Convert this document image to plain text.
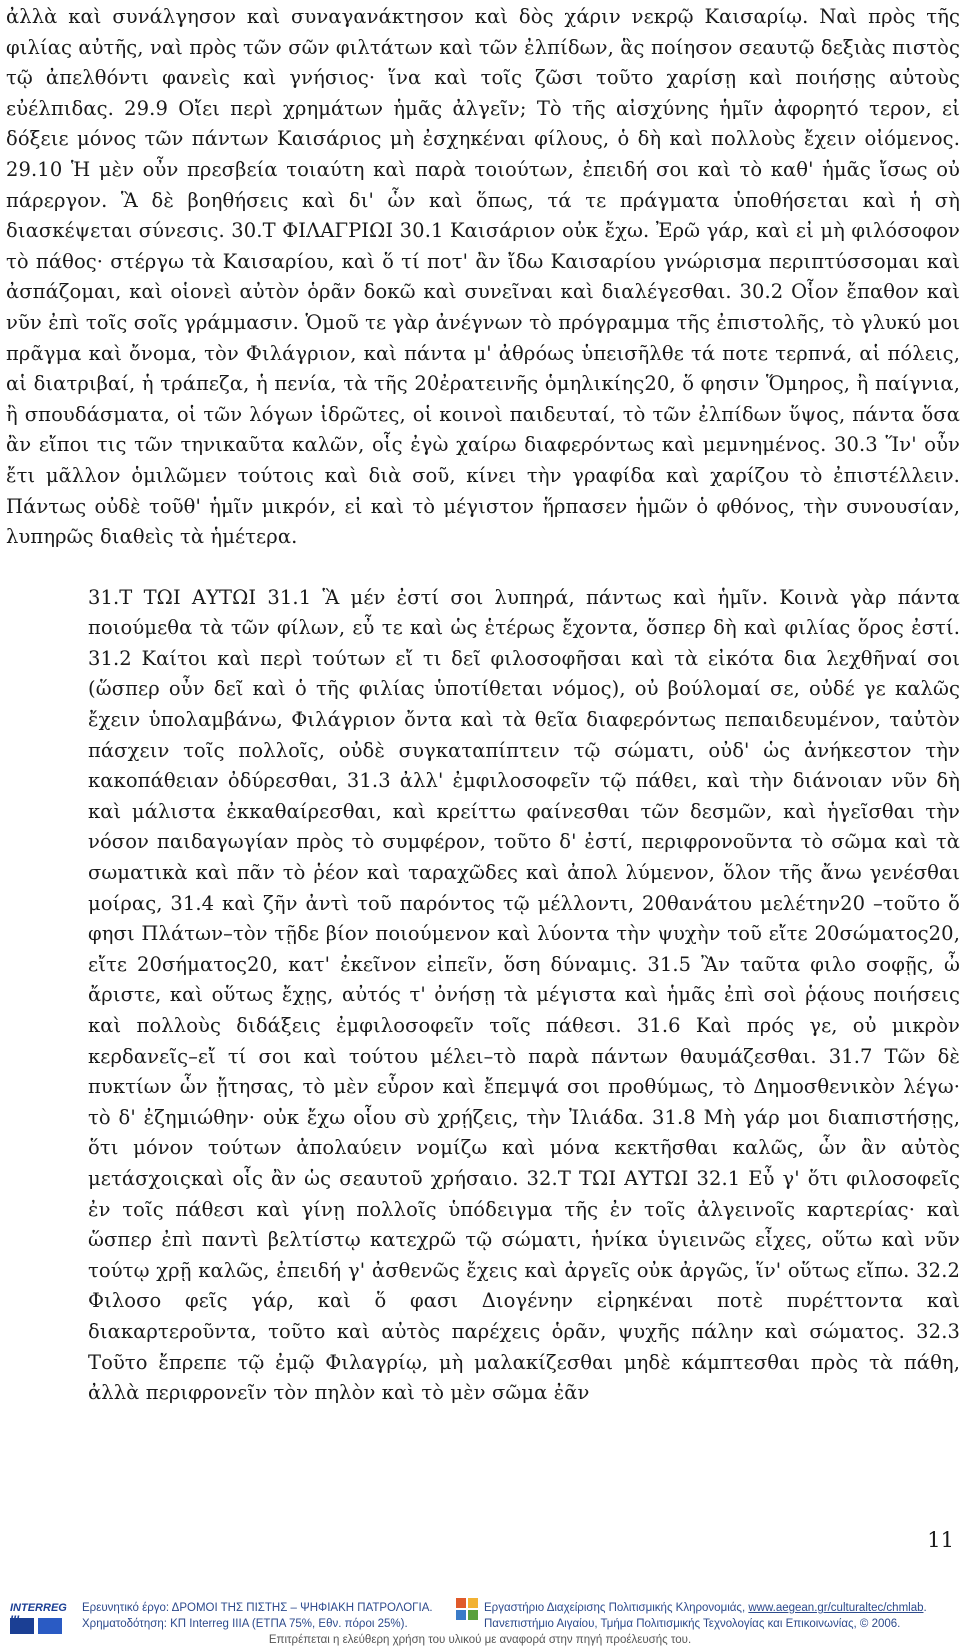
ἀλλὰ καὶ συνάλγησον καὶ συναγανάκτησον καὶ δὸς χάριν νεκρῷ Καισαρίῳ. Ναὶ πρὸς τῆς φιλίας αὐτῆς, ναὶ πρὸς τῶν σῶν φιλτάτων καὶ τῶν ἐλπίδων, ἃς ποίησον σεαυτῷ δεξιὰς πιστὸς τῷ ἀπελθόντι φανεὶς καὶ γνήσιος· ἵνα καὶ τοῖς ζῶσι τοῦτο χαρίσῃ καὶ ποιήσῃς αὐτοὺς εὐέλπιδας. 29.9 Οἴει περὶ χρημάτων ἡμᾶς ἀλγεῖν; Τὸ τῆς αἰσχύνης ἡμῖν ἀφορητό τερον, εἰ δόξειε μόνος τῶν πάντων Καισάριος μὴ ἐσχηκέναι φίλους, ὁ δὴ καὶ πολλοὺς ἔχειν οἰόμενος. 29.10 Ἡ μὲν οὖν πρεσβεία τοιαύτη καὶ παρὰ τοιούτων, ἐπειδή σοι καὶ τὸ καθ' ἡμᾶς ἴσως οὐ πάρεργον. Ἃ δὲ βοηθήσεις καὶ δι' ὧν καὶ ὅπως, τά τε πράγματα ὑποθήσεται καὶ ἡ σὴ διασκέψεται σύνεσις. 30.Τ ΦΙΛΑΓΡΙΩΙ 30.1 Καισάριον οὐκ ἔχω. Ἐρῶ γάρ, καὶ εἰ μὴ φιλόσοφον τὸ πάθος· στέργω τὰ Καισαρίου, καὶ ὅ τί ποτ' ἂν ἴδω Καισαρίου γνώρισμα περιπτύσσομαι καὶ ἀσπάζομαι, καὶ οἱονεὶ αὐτὸν ὁρᾶν δοκῶ καὶ συνεῖναι καὶ διαλέγεσθαι. 30.2 Οἷον ἔπαθον καὶ νῦν ἐπὶ τοῖς σοῖς γράμμασιν. Ὁμοῦ τε γὰρ ἀνέγνων τὸ πρόγραμμα τῆς ἐπιστολῆς, τὸ γλυκύ μοι πρᾶγμα καὶ ὄνομα, τὸν Φιλάγριον, καὶ πάντα μ' ἀθρόως ὑπεισῆλθε τά ποτε τερπνά, αἱ πόλεις, αἱ διατριβαί, ἡ τράπεζα, ἡ πενία, τὰ τῆς 20ἐρατεινῆς ὁμηλικίης20, ὅ φησιν Ὅμηρος, ἢ παίγνια, ἢ σπουδάσματα, οἱ τῶν λόγων ἱδρῶτες, οἱ κοινοὶ παιδευταί, τὸ τῶν ἐλπίδων ὕψος, πάντα ὅσα ἂν εἴποι τις τῶν τηνικαῦτα καλῶν, οἷς ἐγὼ χαίρω διαφερόντως καὶ μεμνημένος. 30.3 Ἵν' οὖν ἔτι μᾶλλον ὁμιλῶμεν τούτοις καὶ διὰ σοῦ, κίνει τὴν γραφίδα καὶ χαρίζου τὸ ἐπιστέλλειν. Πάντως οὐδὲ τοῦθ' ἡμῖν μικρόν, εἰ καὶ τὸ μέγιστον ἥρπασεν ἡμῶν ὁ φθόνος, τὴν συνουσίαν, λυπηρῶς διαθεὶς τὰ ἡμέτερα.

31.Τ ΤΩΙ ΑΥΤΩΙ 31.1 Ἃ μέν ἐστί σοι λυπηρά, πάντως καὶ ἡμῖν. Κοινὰ γὰρ πάντα ποιούμεθα τὰ τῶν φίλων, εὖ τε καὶ ὡς ἑτέρως ἔχοντα, ὅσπερ δὴ καὶ φιλίας ὅρος ἐστί. 31.2 Καίτοι καὶ περὶ τούτων εἴ τι δεῖ φιλοσοφῆσαι καὶ τὰ εἰκότα δια λεχθῆναί σοι (ὥσπερ οὖν δεῖ καὶ ὁ τῆς φιλίας ὑποτίθεται νόμος), οὐ βούλομαί σε, οὐδέ γε καλῶς ἔχειν ὑπολαμβάνω, Φιλάγριον ὄντα καὶ τὰ θεῖα διαφερόντως πεπαιδευμένον, ταὐτὸν πάσχειν τοῖς πολλοῖς, οὐδὲ συγκαταπίπτειν τῷ σώματι, οὐδ' ὡς ἀνήκεστον τὴν κακοπάθειαν ὀδύρεσθαι, 31.3 ἀλλ' ἐμφιλοσοφεῖν τῷ πάθει, καὶ τὴν διάνοιαν νῦν δὴ καὶ μάλιστα ἐκκαθαίρεσθαι, καὶ κρείττω φαίνεσθαι τῶν δεσμῶν, καὶ ἡγεῖσθαι τὴν νόσον παιδαγωγίαν πρὸς τὸ συμφέρον, τοῦτο δ' ἐστί, περιφρονοῦντα τὸ σῶμα καὶ τὰ σωματικὰ καὶ πᾶν τὸ ῥέον καὶ ταραχῶδες καὶ ἀπολ λύμενον, ὅλον τῆς ἄνω γενέσθαι μοίρας, 31.4 καὶ ζῆν ἀντὶ τοῦ παρόντος τῷ μέλλοντι, 20θανάτου μελέτην20 –τοῦτο ὅ φησι Πλάτων–τὸν τῇδε βίον ποιούμενον καὶ λύοντα τὴν ψυχὴν τοῦ εἴτε 20σώματος20, εἴτε 20σήματος20, κατ' ἐκεῖνον εἰπεῖν, ὅση δύναμις. 31.5 Ἂν ταῦτα φιλο σοφῇς, ὦ ἄριστε, καὶ οὕτως ἔχῃς, αὐτός τ' ὀνήσῃ τὰ μέγιστα καὶ ἡμᾶς ἐπὶ σοὶ ῥᾴους ποιήσεις καὶ πολλοὺς διδάξεις ἐμφιλοσοφεῖν τοῖς πάθεσι. 31.6 Καὶ πρός γε, οὐ μικρὸν κερδανεῖς–εἴ τί σοι καὶ τούτου μέλει–τὸ παρὰ πάντων θαυμάζεσθαι. 31.7 Τῶν δὲ πυκτίων ὧν ᾔτησας, τὸ μὲν εὗρον καὶ ἔπεμψά σοι προθύμως, τὸ Δημοσθενικὸν λέγω· τὸ δ' ἐζημιώθην· οὐκ ἔχω οἷου σὺ χρῄζεις, τὴν Ἰλιάδα. 31.8 Μὴ γάρ μοι διαπιστήσῃς, ὅτι μόνον τούτων ἀπολαύειν νομίζω καὶ μόνα κεκτῆσθαι καλῶς, ὧν ἂν αὐτὸς μετάσχοιςκαὶ οἷς ἂν ὡς σεαυτοῦ χρήσαιο. 32.Τ ΤΩΙ ΑΥΤΩΙ 32.1 Εὖ γ' ὅτι φιλοσοφεῖς ἐν τοῖς πάθεσι καὶ γίνῃ πολλοῖς ὑπόδειγμα τῆς ἐν τοῖς ἀλγεινοῖς καρτερίας· καὶ ὥσπερ ἐπὶ παντὶ βελτίστῳ κατεχρῶ τῷ σώματι, ἡνίκα ὑγιεινῶς εἶχες, οὕτω καὶ νῦν τούτῳ χρῇ καλῶς, ἐπειδή γ' ἀσθενῶς ἔχεις καὶ ἀργεῖς οὐκ ἀργῶς, ἵν' οὕτως εἴπω. 32.2 Φιλοσο φεῖς γάρ, καὶ ὅ φασι Διογένην εἰρηκέναι ποτὲ πυρέττοντα καὶ διακαρτεροῦντα, τοῦτο καὶ αὐτὸς παρέχεις ὁρᾶν, ψυχῆς πάλην καὶ σώματος. 32.3 Τοῦτο ἔπρεπε τῷ ἐμῷ Φιλαγρίῳ, μὴ μαλακίζεσθαι μηδὲ κάμπτεσθαι πρὸς τὰ πάθη, ἀλλὰ περιφρονεῖν τὸν πηλὸν καὶ τὸ μὲν σῶμα ἐᾶν

11
INTERREG Ερευνητικό έργο: ΔΡΟΜΟΙ ΤΗΣ ΠΙΣΤΗΣ – ΨΗΦΙΑΚΗ ΠΑΤΡΟΛΟΓΙΑ.
Χρηματοδότηση: ΚΠ Interreg IIIA (ΕΤΠΑ 75%, Εθν. πόροι 25%).
Εργαστήριο Διαχείρισης Πολιτισμικής Κληρονομιάς, www.aegean.gr/culturaltec/chmlab.
Πανεπιστήμιο Αιγαίου, Τμήμα Πολιτισμικής Τεχνολογίας και Επικοινωνίας, © 2006.
Επιτρέπεται η ελεύθερη χρήση του υλικού με αναφορά στην πηγή προέλευσής του.
